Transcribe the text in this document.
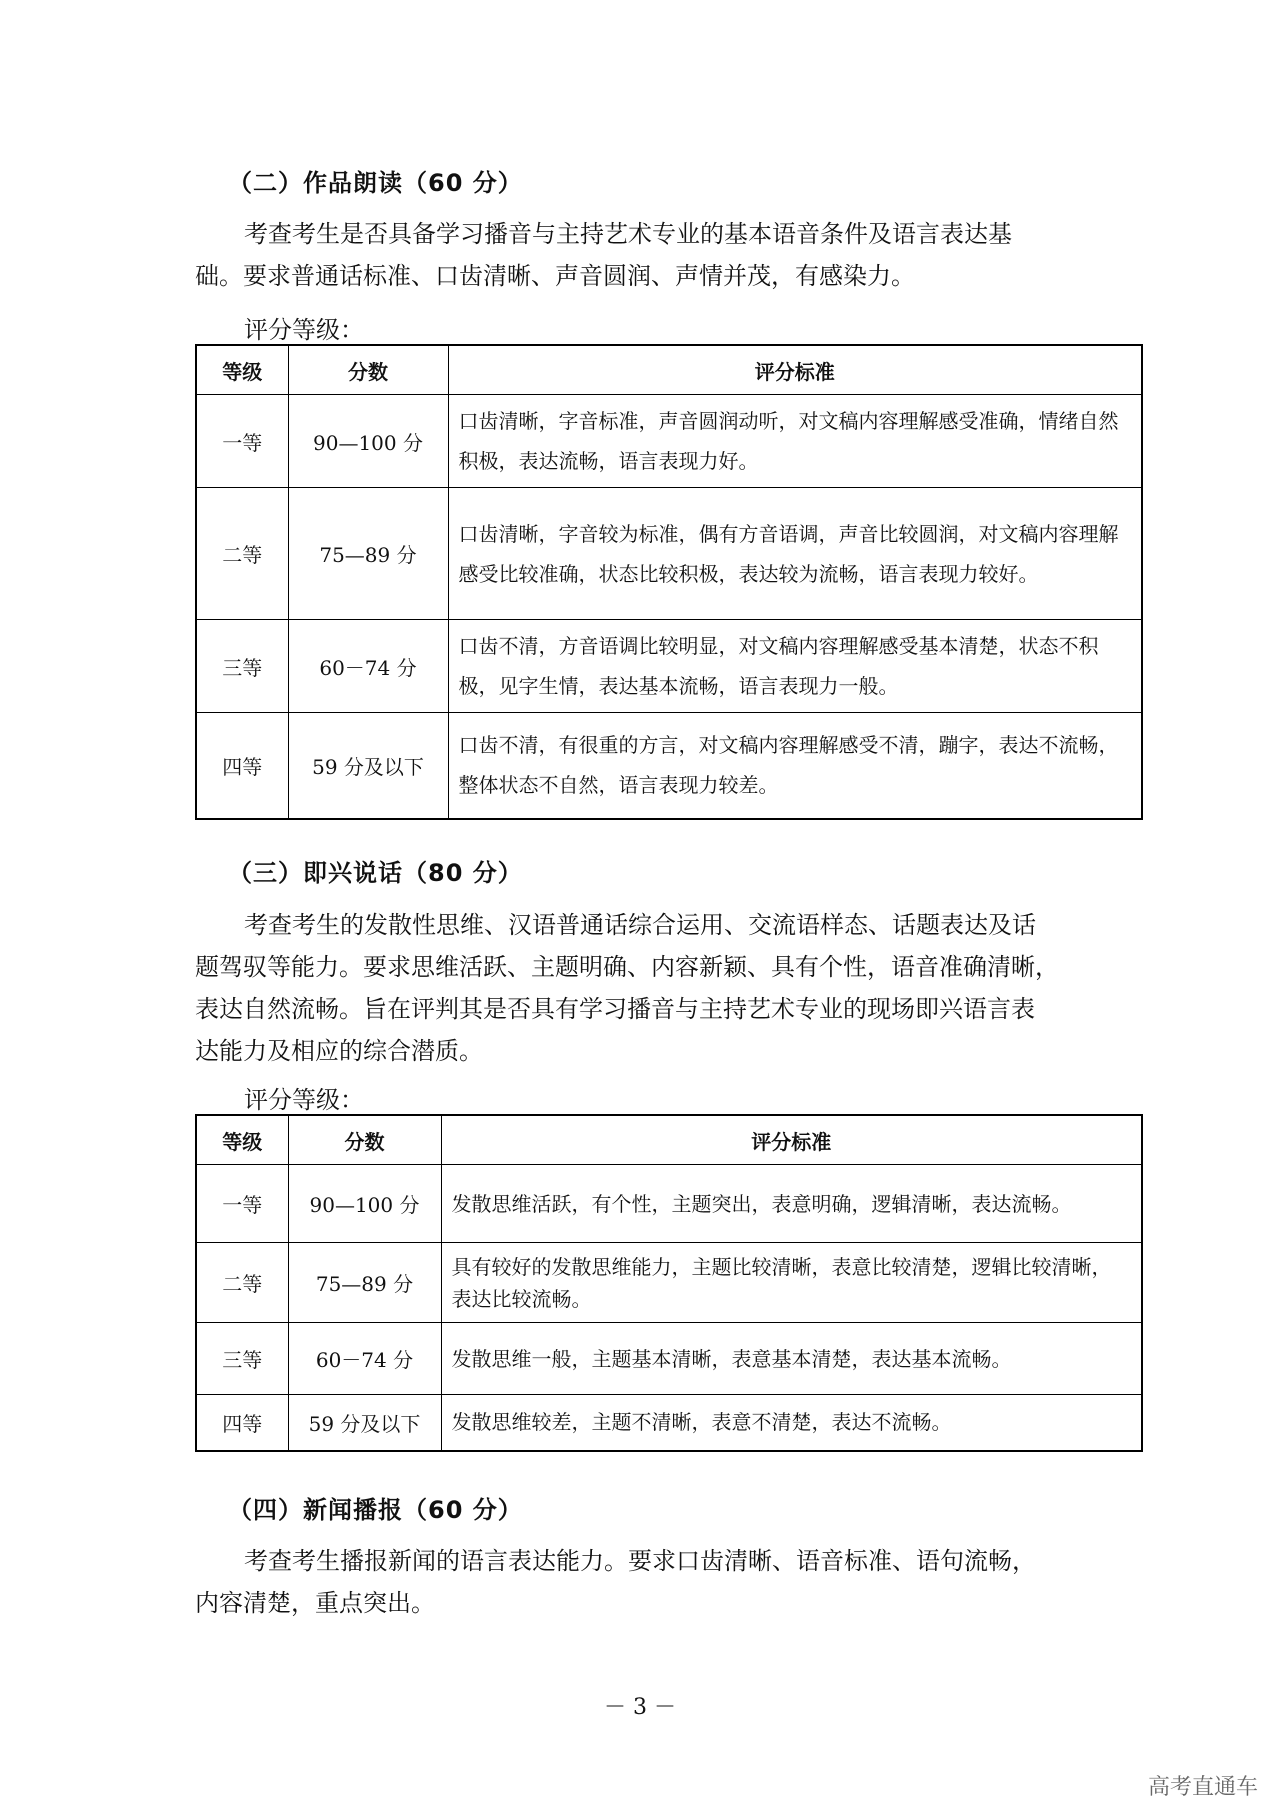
（二）作品朗读（60 分）
考查考生是否具备学习播音与主持艺术专业的基本语音条件及语言表达基
础。要求普通话标准、口齿清晰、声音圆润、声情并茂，有感染力。
评分等级：
等级	分数	评分标准
一等	90—100 分	口齿清晰，字音标准，声音圆润动听，对文稿内容理解感受准确，情绪自然积极，表达流畅，语言表现力好。
二等	75—89 分	口齿清晰，字音较为标准，偶有方音语调，声音比较圆润，对文稿内容理解感受比较准确，状态比较积极，表达较为流畅，语言表现力较好。
三等	60－74 分	口齿不清，方音语调比较明显，对文稿内容理解感受基本清楚，状态不积极，见字生情，表达基本流畅，语言表现力一般。
四等	59 分及以下	口齿不清，有很重的方言，对文稿内容理解感受不清，蹦字，表达不流畅，整体状态不自然，语言表现力较差。
（三）即兴说话（80 分）
考查考生的发散性思维、汉语普通话综合运用、交流语样态、话题表达及话
题驾驭等能力。要求思维活跃、主题明确、内容新颖、具有个性，语音准确清晰，
表达自然流畅。旨在评判其是否具有学习播音与主持艺术专业的现场即兴语言表
达能力及相应的综合潜质。
评分等级：
等级	分数	评分标准
一等	90—100 分	发散思维活跃，有个性，主题突出，表意明确，逻辑清晰，表达流畅。
二等	75—89 分	具有较好的发散思维能力，主题比较清晰，表意比较清楚，逻辑比较清晰，表达比较流畅。
三等	60－74 分	发散思维一般，主题基本清晰，表意基本清楚，表达基本流畅。
四等	59 分及以下	发散思维较差，主题不清晰，表意不清楚，表达不流畅。
（四）新闻播报（60 分）
考查考生播报新闻的语言表达能力。要求口齿清晰、语音标准、语句流畅，
内容清楚，重点突出。
－ 3 －
高考直通车
